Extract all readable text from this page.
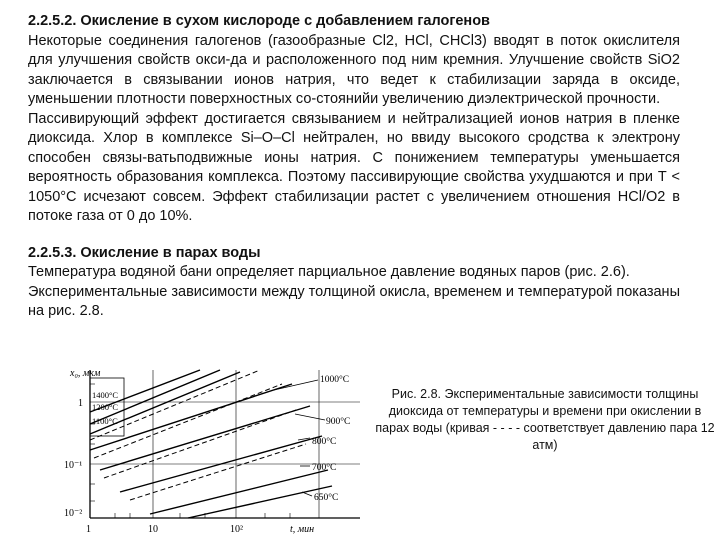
2.2.5.2. Окисление в сухом кислороде с добавлением галогенов

Некоторые соединения галогенов (газообразные Cl2, HCl, CHCl3) вводят в поток окислителя для улучшения свойств окси-да и расположенного под ним кремния. Улучшение свойств SiO2 заключается в связывании ионов натрия, что ведет к стабилизации заряда в оксиде, уменьшении плотности поверхностных со-стоянийи увеличению диэлектрической прочности.

Пассивирующий эффект достигается связыванием и нейтрализацией ионов натрия в пленке диоксида. Хлор в комплексе Si–O–Cl нейтрален, но ввиду высокого сродства к электрону способен связы-ватьподвижные ионы натрия. С понижением температуры уменьшается вероятность образования комплекса. Поэтому пассивирующие свойства ухудшаются и при T < 1050°C исчезают совсем. Эффект стабилизации растет с увеличением отношения HCl/O2 в потоке газа от 0 до 10%.

2.2.5.3. Окисление в парах воды

Температура водяной бани определяет парциальное давление водяных паров (рис. 2.6).

Экспериментальные зависимости между толщиной окисла, временем и температурой показаны на рис. 2.8.

x₀, мкм
t, мин
1
10⁻¹
10⁻²
1	10	10²
1400°C
1200°C
1100°C
1000°C
900°C
800°C
700°C
650°C
Рис. 2.8. Экспериментальные зависимости толщины диоксида от температуры и времени при окислении в парах воды (кривая - - - - соответствует давлению пара 12 атм)
